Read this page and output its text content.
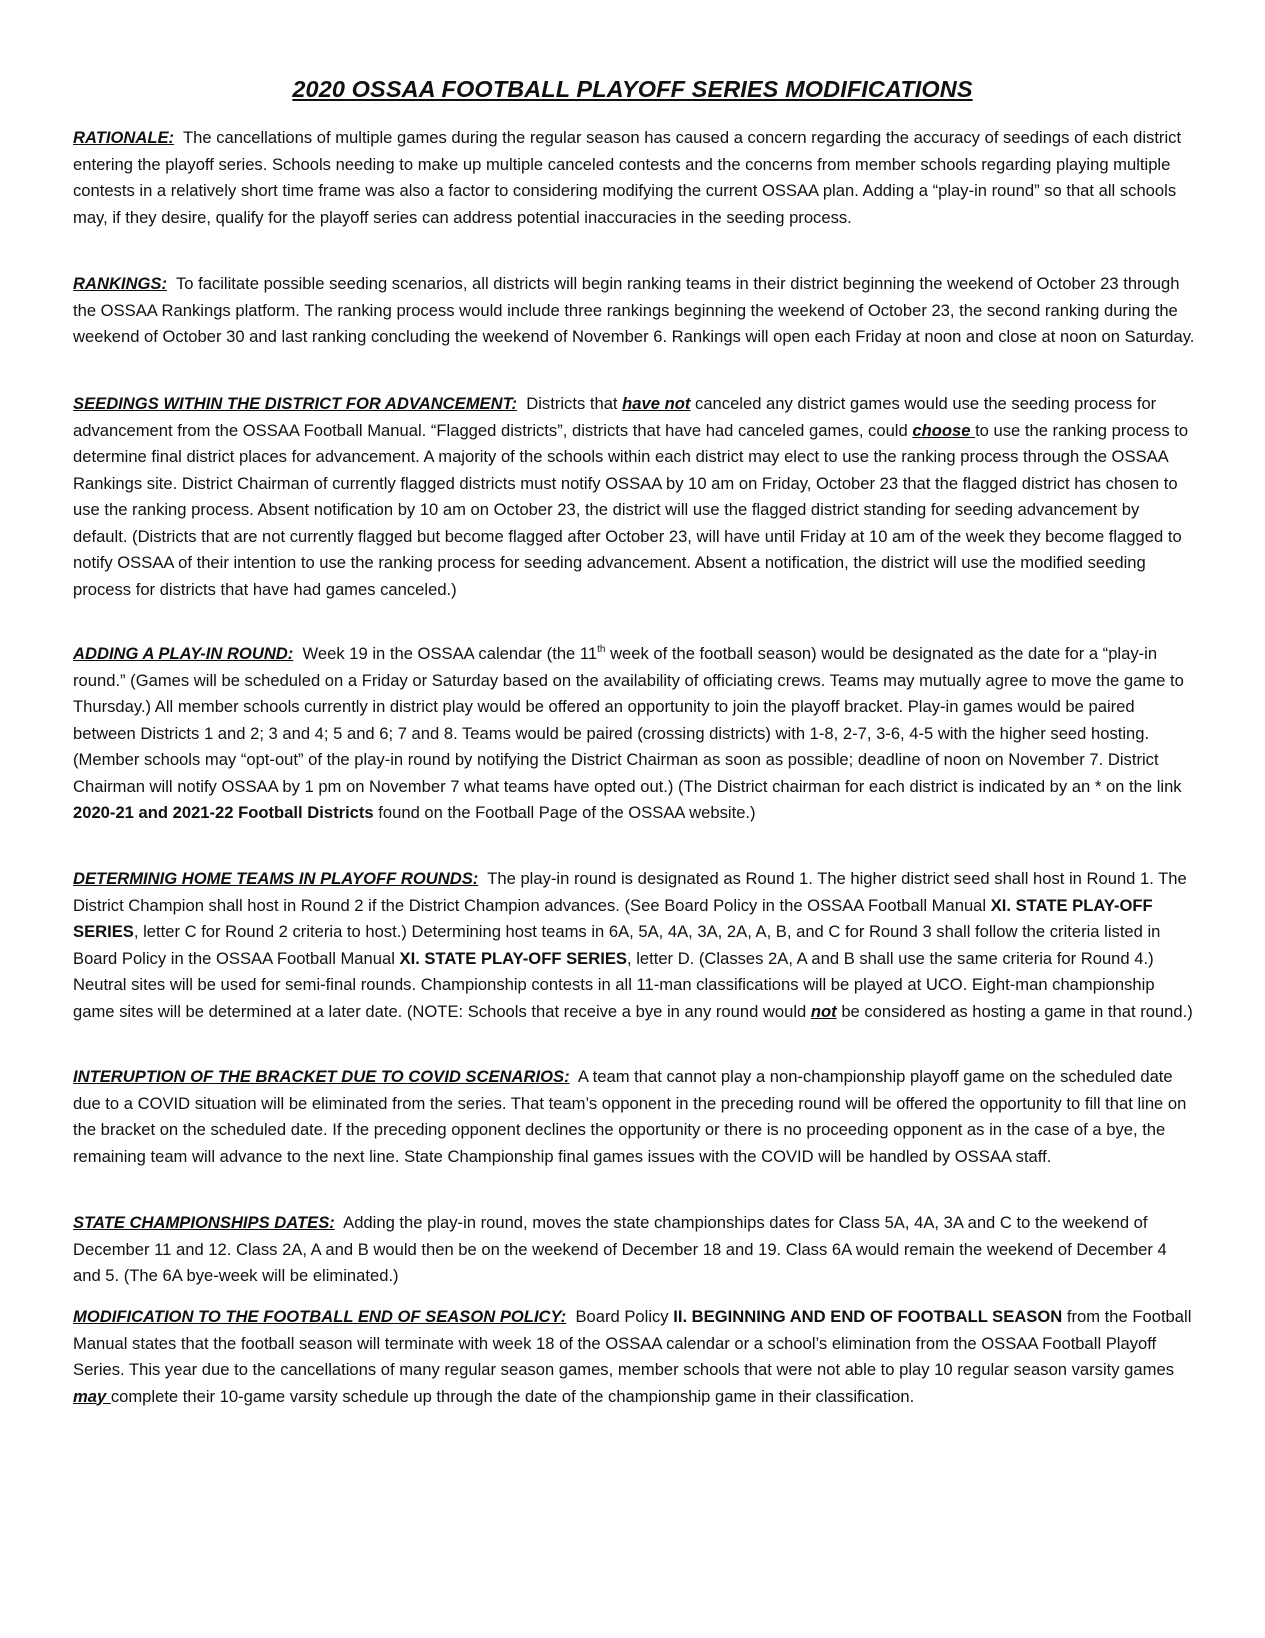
2020 OSSAA FOOTBALL PLAYOFF SERIES MODIFICATIONS

RATIONALE: The cancellations of multiple games during the regular season has caused a concern regarding the accuracy of seedings of each district entering the playoff series. Schools needing to make up multiple canceled contests and the concerns from member schools regarding playing multiple contests in a relatively short time frame was also a factor to considering modifying the current OSSAA plan. Adding a “play-in round” so that all schools may, if they desire, qualify for the playoff series can address potential inaccuracies in the seeding process.

RANKINGS: To facilitate possible seeding scenarios, all districts will begin ranking teams in their district beginning the weekend of October 23 through the OSSAA Rankings platform. The ranking process would include three rankings beginning the weekend of October 23, the second ranking during the weekend of October 30 and last ranking concluding the weekend of November 6. Rankings will open each Friday at noon and close at noon on Saturday.

SEEDINGS WITHIN THE DISTRICT FOR ADVANCEMENT: Districts that have not canceled any district games would use the seeding process for advancement from the OSSAA Football Manual. “Flagged districts”, districts that have had canceled games, could choose to use the ranking process to determine final district places for advancement. A majority of the schools within each district may elect to use the ranking process through the OSSAA Rankings site. District Chairman of currently flagged districts must notify OSSAA by 10 am on Friday, October 23 that the flagged district has chosen to use the ranking process. Absent notification by 10 am on October 23, the district will use the flagged district standing for seeding advancement by default. (Districts that are not currently flagged but become flagged after October 23, will have until Friday at 10 am of the week they become flagged to notify OSSAA of their intention to use the ranking process for seeding advancement. Absent a notification, the district will use the modified seeding process for districts that have had games canceled.)

ADDING A PLAY-IN ROUND: Week 19 in the OSSAA calendar (the 11th week of the football season) would be designated as the date for a “play-in round.” (Games will be scheduled on a Friday or Saturday based on the availability of officiating crews. Teams may mutually agree to move the game to Thursday.) All member schools currently in district play would be offered an opportunity to join the playoff bracket. Play-in games would be paired between Districts 1 and 2; 3 and 4; 5 and 6; 7 and 8. Teams would be paired (crossing districts) with 1-8, 2-7, 3-6, 4-5 with the higher seed hosting. (Member schools may “opt-out” of the play-in round by notifying the District Chairman as soon as possible; deadline of noon on November 7. District Chairman will notify OSSAA by 1 pm on November 7 what teams have opted out.) (The District chairman for each district is indicated by an * on the link 2020-21 and 2021-22 Football Districts found on the Football Page of the OSSAA website.)

DETERMINIG HOME TEAMS IN PLAYOFF ROUNDS: The play-in round is designated as Round 1. The higher district seed shall host in Round 1. The District Champion shall host in Round 2 if the District Champion advances. (See Board Policy in the OSSAA Football Manual XI. STATE PLAY-OFF SERIES, letter C for Round 2 criteria to host.) Determining host teams in 6A, 5A, 4A, 3A, 2A, A, B, and C for Round 3 shall follow the criteria listed in Board Policy in the OSSAA Football Manual XI. STATE PLAY-OFF SERIES, letter D. (Classes 2A, A and B shall use the same criteria for Round 4.) Neutral sites will be used for semi-final rounds. Championship contests in all 11-man classifications will be played at UCO. Eight-man championship game sites will be determined at a later date. (NOTE: Schools that receive a bye in any round would not be considered as hosting a game in that round.)

INTERUPTION OF THE BRACKET DUE TO COVID SCENARIOS: A team that cannot play a non-championship playoff game on the scheduled date due to a COVID situation will be eliminated from the series. That team’s opponent in the preceding round will be offered the opportunity to fill that line on the bracket on the scheduled date. If the preceding opponent declines the opportunity or there is no proceeding opponent as in the case of a bye, the remaining team will advance to the next line. State Championship final games issues with the COVID will be handled by OSSAA staff.

STATE CHAMPIONSHIPS DATES: Adding the play-in round, moves the state championships dates for Class 5A, 4A, 3A and C to the weekend of December 11 and 12. Class 2A, A and B would then be on the weekend of December 18 and 19. Class 6A would remain the weekend of December 4 and 5. (The 6A bye-week will be eliminated.)

MODIFICATION TO THE FOOTBALL END OF SEASON POLICY: Board Policy II. BEGINNING AND END OF FOOTBALL SEASON from the Football Manual states that the football season will terminate with week 18 of the OSSAA calendar or a school’s elimination from the OSSAA Football Playoff Series. This year due to the cancellations of many regular season games, member schools that were not able to play 10 regular season varsity games may complete their 10-game varsity schedule up through the date of the championship game in their classification.
